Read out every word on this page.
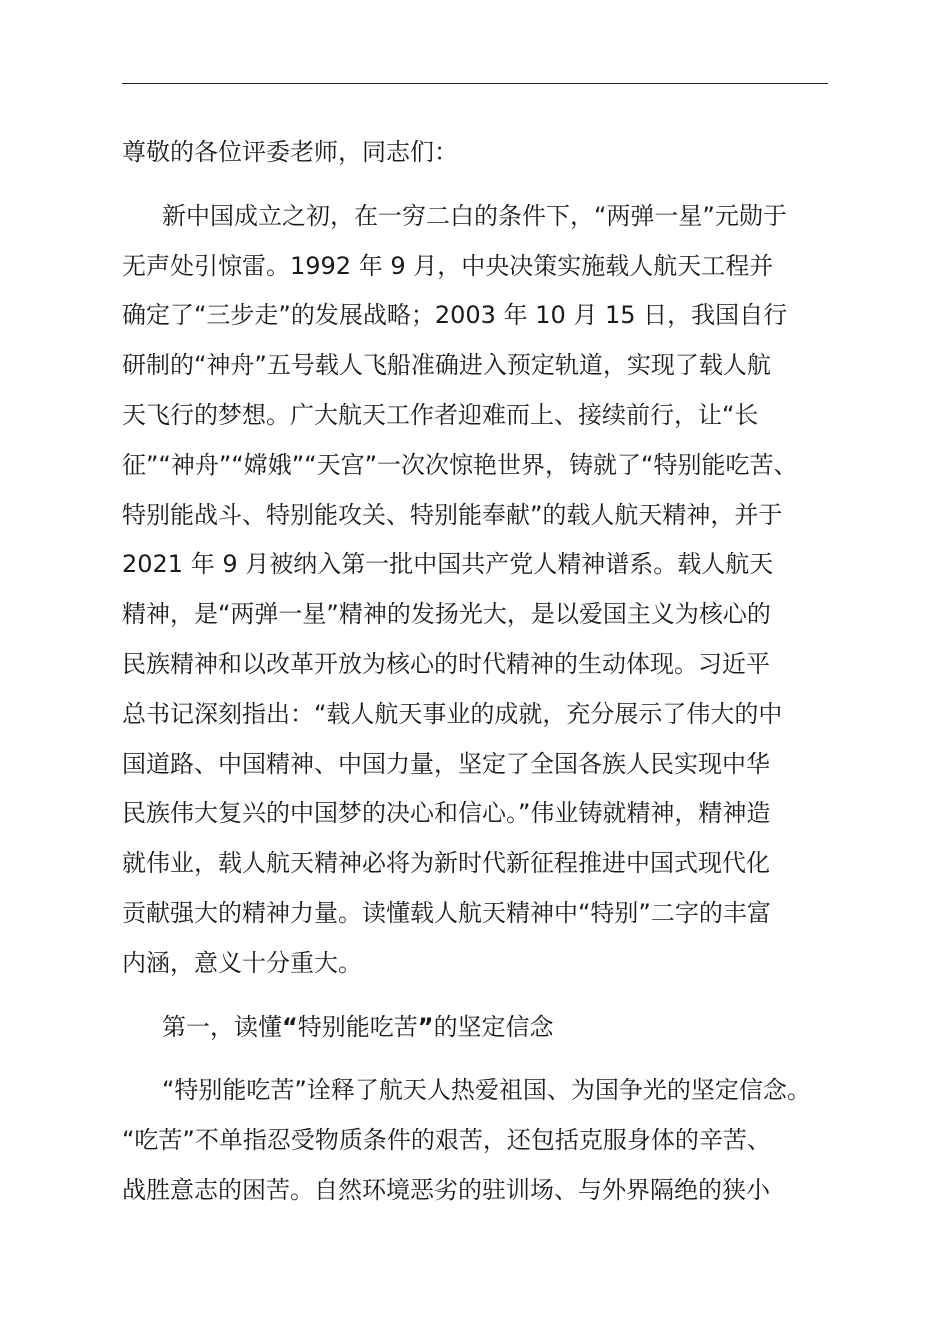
尊敬的各位评委老师，同志们：
新中国成立之初，在一穷二白的条件下，“两弹一星”元勋于
无声处引惊雷。1992 年 9 月，中央决策实施载人航天工程并
确定了“三步走”的发展战略；2003 年 10 月 15 日，我国自行
研制的“神舟”五号载人飞船准确进入预定轨道，实现了载人航
天飞行的梦想。广大航天工作者迎难而上、接续前行，让“长
征”“神舟”“嫦娥”“天宫”一次次惊艳世界，铸就了“特别能吃苦、
特别能战斗、特别能攻关、特别能奉献”的载人航天精神，并于
2021 年 9 月被纳入第一批中国共产党人精神谱系。载人航天
精神，是“两弹一星”精神的发扬光大，是以爱国主义为核心的
民族精神和以改革开放为核心的时代精神的生动体现。习近平
总书记深刻指出：“载人航天事业的成就，充分展示了伟大的中
国道路、中国精神、中国力量，坚定了全国各族人民实现中华
民族伟大复兴的中国梦的决心和信心。”伟业铸就精神，精神造
就伟业，载人航天精神必将为新时代新征程推进中国式现代化
贡献强大的精神力量。读懂载人航天精神中“特别”二字的丰富
内涵，意义十分重大。
第一，读懂“特别能吃苦”的坚定信念
“特别能吃苦”诠释了航天人热爱祖国、为国争光的坚定信念。
“吃苦”不单指忍受物质条件的艰苦，还包括克服身体的辛苦、
战胜意志的困苦。自然环境恶劣的驻训场、与外界隔绝的狭小
